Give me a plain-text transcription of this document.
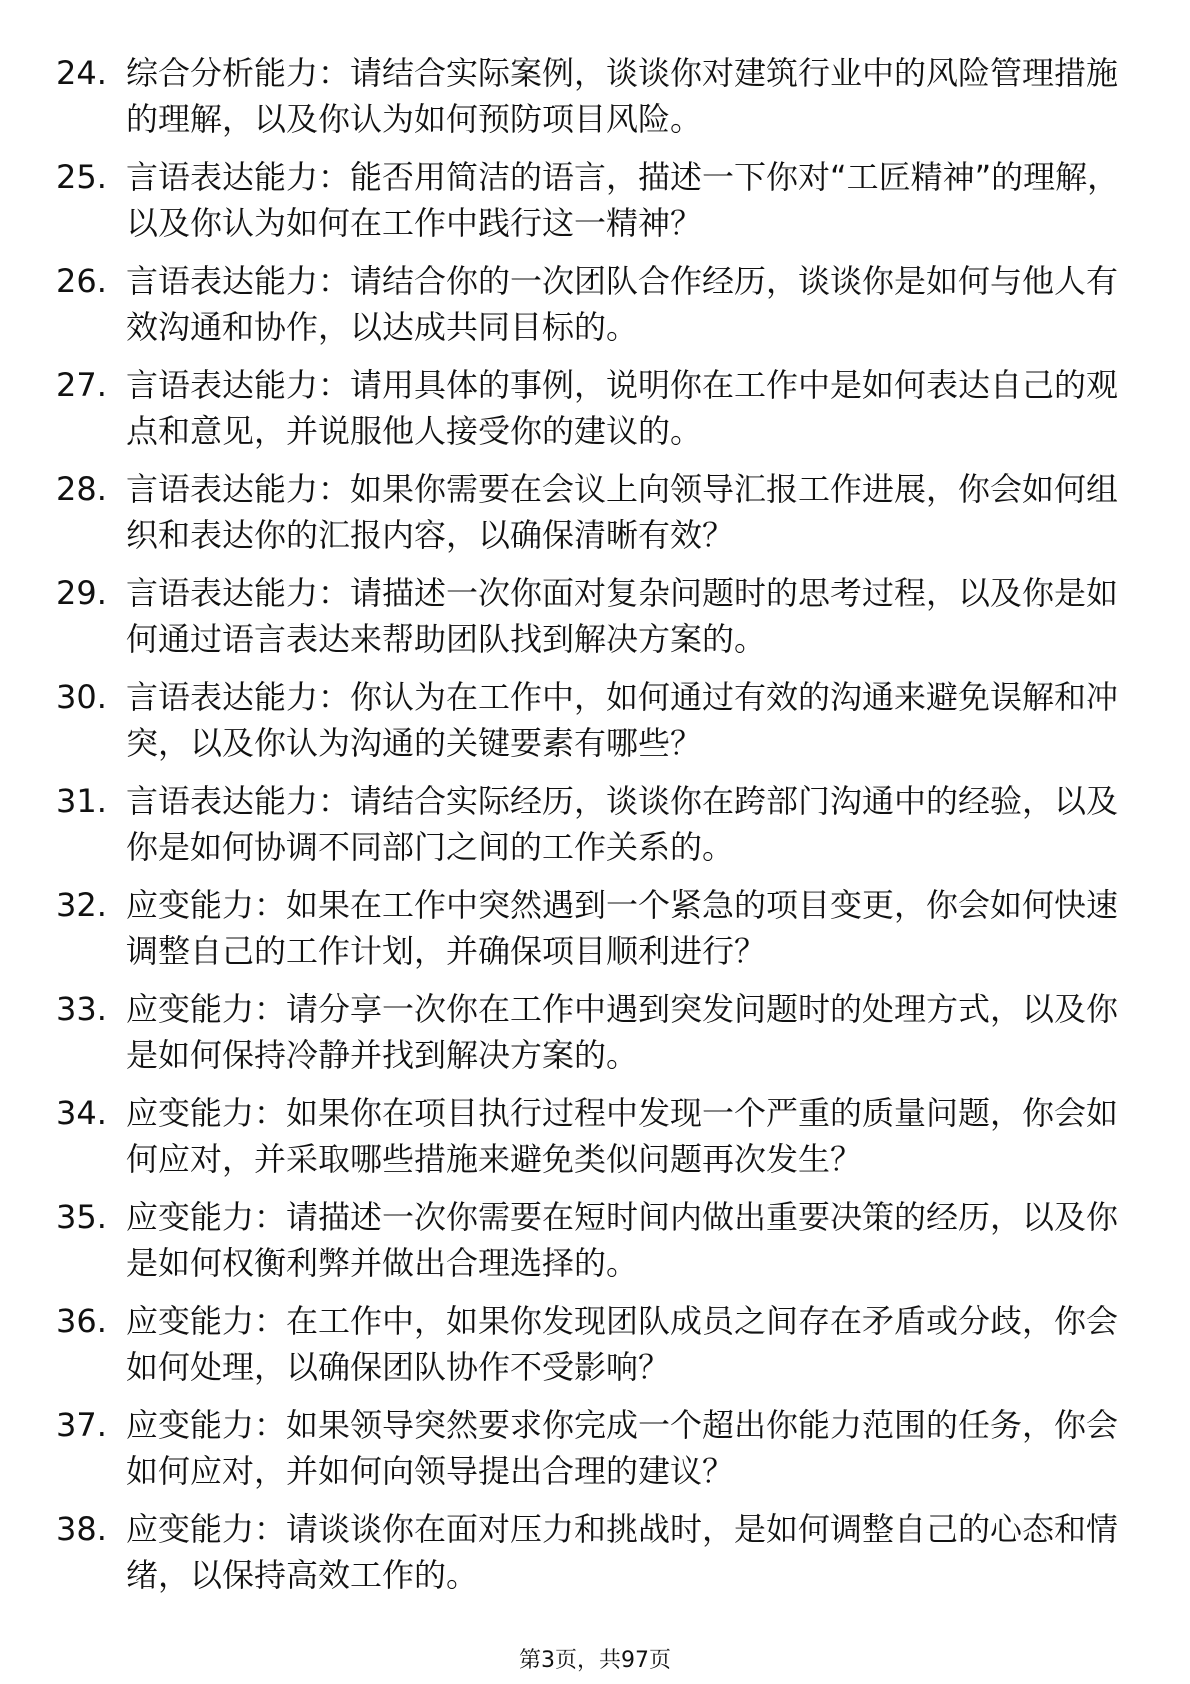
24. 综合分析能力：请结合实际案例，谈谈你对建筑行业中的风险管理措施的理解，以及你认为如何预防项目风险。
25. 言语表达能力：能否用简洁的语言，描述一下你对“工匠精神”的理解，以及你认为如何在工作中践行这一精神？
26. 言语表达能力：请结合你的一次团队合作经历，谈谈你是如何与他人有效沟通和协作，以达成共同目标的。
27. 言语表达能力：请用具体的事例，说明你在工作中是如何表达自己的观点和意见，并说服他人接受你的建议的。
28. 言语表达能力：如果你需要在会议上向领导汇报工作进展，你会如何组织和表达你的汇报内容，以确保清晰有效？
29. 言语表达能力：请描述一次你面对复杂问题时的思考过程，以及你是如何通过语言表达来帮助团队找到解决方案的。
30. 言语表达能力：你认为在工作中，如何通过有效的沟通来避免误解和冲突，以及你认为沟通的关键要素有哪些？
31. 言语表达能力：请结合实际经历，谈谈你在跨部门沟通中的经验，以及你是如何协调不同部门之间的工作关系的。
32. 应变能力：如果在工作中突然遇到一个紧急的项目变更，你会如何快速调整自己的工作计划，并确保项目顺利进行？
33. 应变能力：请分享一次你在工作中遇到突发问题时的处理方式，以及你是如何保持冷静并找到解决方案的。
34. 应变能力：如果你在项目执行过程中发现一个严重的质量问题，你会如何应对，并采取哪些措施来避免类似问题再次发生？
35. 应变能力：请描述一次你需要在短时间内做出重要决策的经历，以及你是如何权衡利弊并做出合理选择的。
36. 应变能力：在工作中，如果你发现团队成员之间存在矛盾或分歧，你会如何处理，以确保团队协作不受影响？
37. 应变能力：如果领导突然要求你完成一个超出你能力范围的任务，你会如何应对，并如何向领导提出合理的建议？
38. 应变能力：请谈谈你在面对压力和挑战时，是如何调整自己的心态和情绪，以保持高效工作的。
第3页，共97页
